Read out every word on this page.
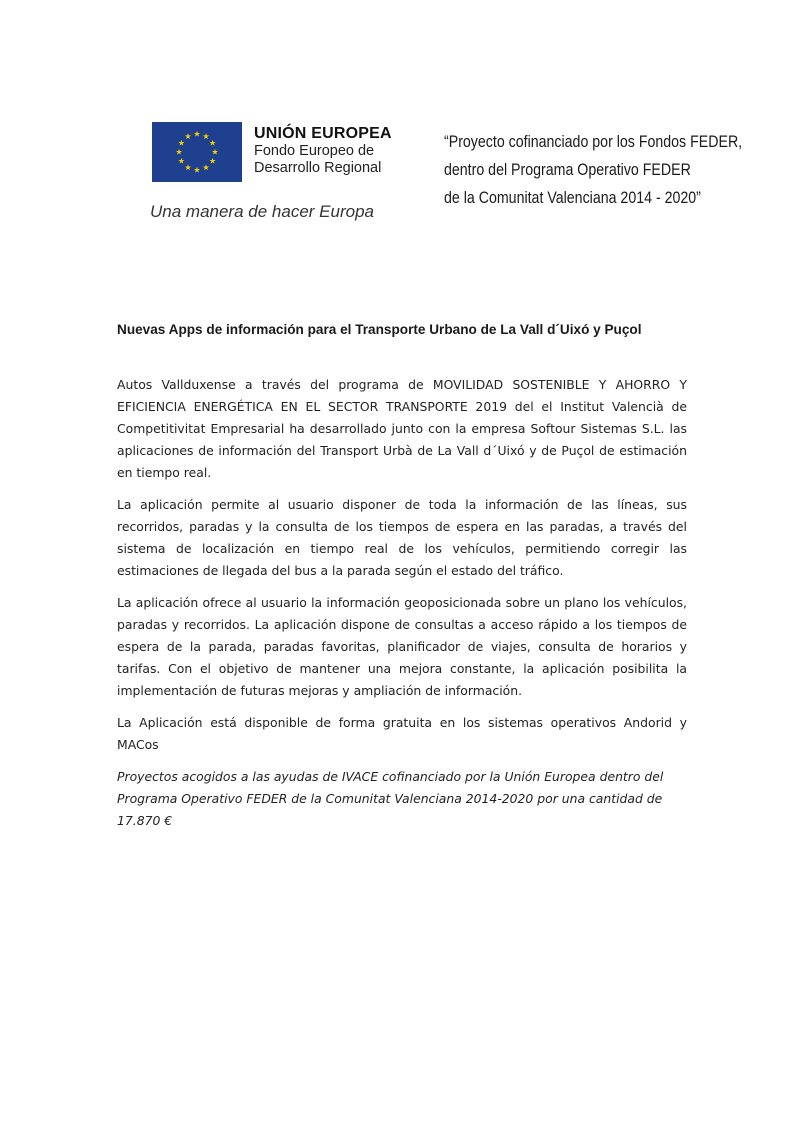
UNIÓN EUROPEA
Fondo Europeo de
Desarrollo Regional
Una manera de hacer Europa
“Proyecto cofinanciado por los Fondos FEDER,
dentro del Programa Operativo FEDER
de la Comunitat Valenciana 2014 - 2020”
Nuevas Apps de información para el Transporte Urbano de La Vall d´Uixó y Puçol

Autos Vallduxense a través del programa de MOVILIDAD SOSTENIBLE Y AHORRO Y EFICIENCIA ENERGÉTICA EN EL SECTOR TRANSPORTE 2019 del el Institut Valencià de Competitivitat Empresarial ha desarrollado junto con la empresa Softour Sistemas S.L. las aplicaciones de información del Transport Urbà de La Vall d´Uixó y de Puçol de estimación en tiempo real.

La aplicación permite al usuario disponer de toda la información de las líneas, sus recorridos, paradas y la consulta de los tiempos de espera en las paradas, a través del sistema de localización en tiempo real de los vehículos, permitiendo corregir las estimaciones de llegada del bus a la parada según el estado del tráfico.

La aplicación ofrece al usuario la información geoposicionada sobre un plano los vehículos, paradas y recorridos. La aplicación dispone de consultas a acceso rápido a los tiempos de espera de la parada, paradas favoritas, planificador de viajes, consulta de horarios y tarifas. Con el objetivo de mantener una mejora constante, la aplicación posibilita la implementación de futuras mejoras y ampliación de información.

La Aplicación está disponible de forma gratuita en los sistemas operativos Andorid y MACos

Proyectos acogidos a las ayudas de IVACE cofinanciado por la Unión Europea dentro del Programa Operativo FEDER de la Comunitat Valenciana 2014-2020 por una cantidad de 17.870 €
